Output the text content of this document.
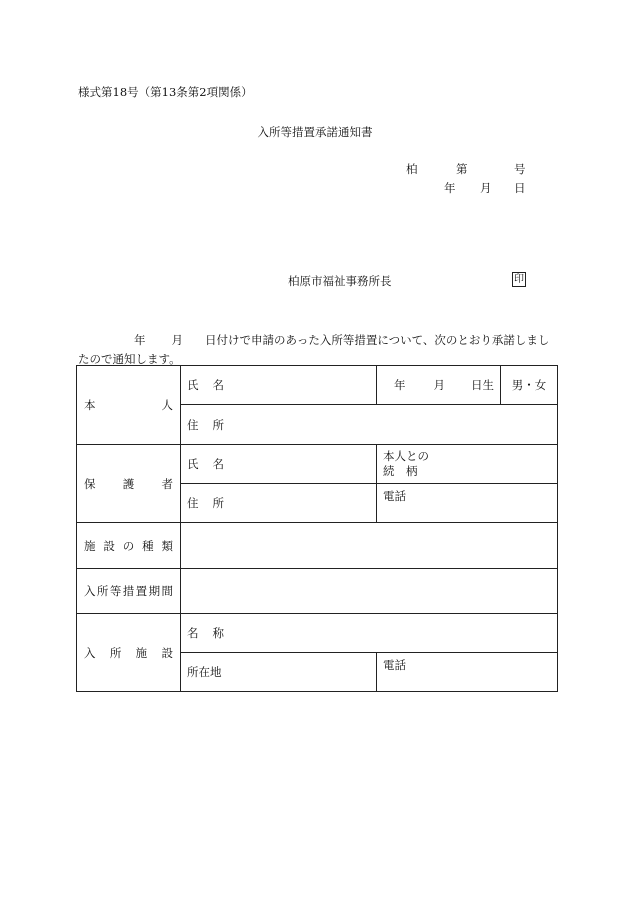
様式第18号（第13条第2項関係）
入所等措置承諾通知書
柏	第	号
年 月 日
柏原市福祉事務所長	印
年 月 日付けで申請のあった入所等措置について、次のとおり承諾しましたので通知します。
本人	氏 名	年 月 日生	男・女
	住 所		
保護者	氏 名	本人との
続　柄	

	住 所	電話	
施設の種類			
入所等措置期間			
入所施設	名 称		
	所在地	電話	
